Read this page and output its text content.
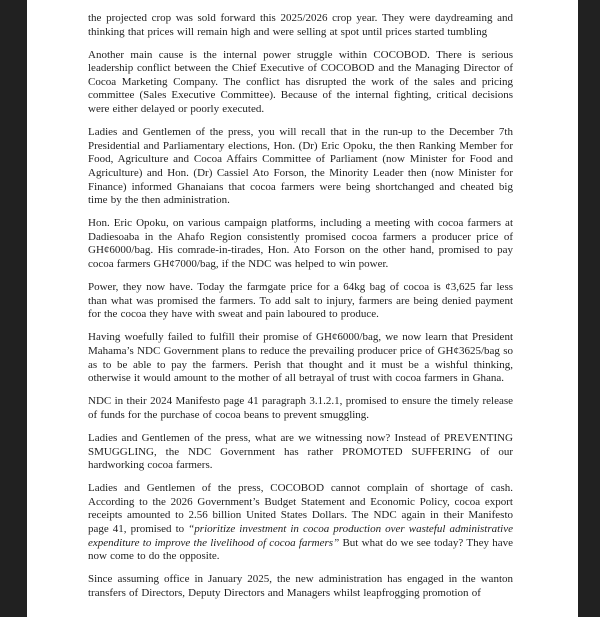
the projected crop was sold forward this 2025/2026 crop year. They were daydreaming and thinking that prices will remain high and were selling at spot until prices started tumbling

Another main cause is the internal power struggle within COCOBOD. There is serious leadership conflict between the Chief Executive of COCOBOD and the Managing Director of Cocoa Marketing Company. The conflict has disrupted the work of the sales and pricing committee (Sales Executive Committee). Because of the internal fighting, critical decisions were either delayed or poorly executed.

Ladies and Gentlemen of the press, you will recall that in the run-up to the December 7th Presidential and Parliamentary elections, Hon. (Dr) Eric Opoku, the then Ranking Member for Food, Agriculture and Cocoa Affairs Committee of Parliament (now Minister for Food and Agriculture) and Hon. (Dr) Cassiel Ato Forson, the Minority Leader then (now Minister for Finance) informed Ghanaians that cocoa farmers were being shortchanged and cheated big time by the then administration.

Hon. Eric Opoku, on various campaign platforms, including a meeting with cocoa farmers at Dadiesoaba in the Ahafo Region consistently promised cocoa farmers a producer price of GH¢6000/bag. His comrade-in-tirades, Hon. Ato Forson on the other hand, promised to pay cocoa farmers GH¢7000/bag, if the NDC was helped to win power.

Power, they now have. Today the farmgate price for a 64kg bag of cocoa is ¢3,625 far less than what was promised the farmers. To add salt to injury, farmers are being denied payment for the cocoa they have with sweat and pain laboured to produce.

Having woefully failed to fulfill their promise of GH¢6000/bag, we now learn that President Mahama’s NDC Government plans to reduce the prevailing producer price of GH¢3625/bag so as to be able to pay the farmers. Perish that thought and it must be a wishful thinking, otherwise it would amount to the mother of all betrayal of trust with cocoa farmers in Ghana.

NDC in their 2024 Manifesto page 41 paragraph 3.1.2.1, promised to ensure the timely release of funds for the purchase of cocoa beans to prevent smuggling.

Ladies and Gentlemen of the press, what are we witnessing now? Instead of PREVENTING SMUGGLING, the NDC Government has rather PROMOTED SUFFERING of our hardworking cocoa farmers.

Ladies and Gentlemen of the press, COCOBOD cannot complain of shortage of cash. According to the 2026 Government’s Budget Statement and Economic Policy, cocoa export receipts amounted to 2.56 billion United States Dollars. The NDC again in their Manifesto page 41, promised to “prioritize investment in cocoa production over wasteful administrative expenditure to improve the livelihood of cocoa farmers” But what do we see today? They have now come to do the opposite.

Since assuming office in January 2025, the new administration has engaged in the wanton transfers of Directors, Deputy Directors and Managers whilst leapfrogging promotion of
